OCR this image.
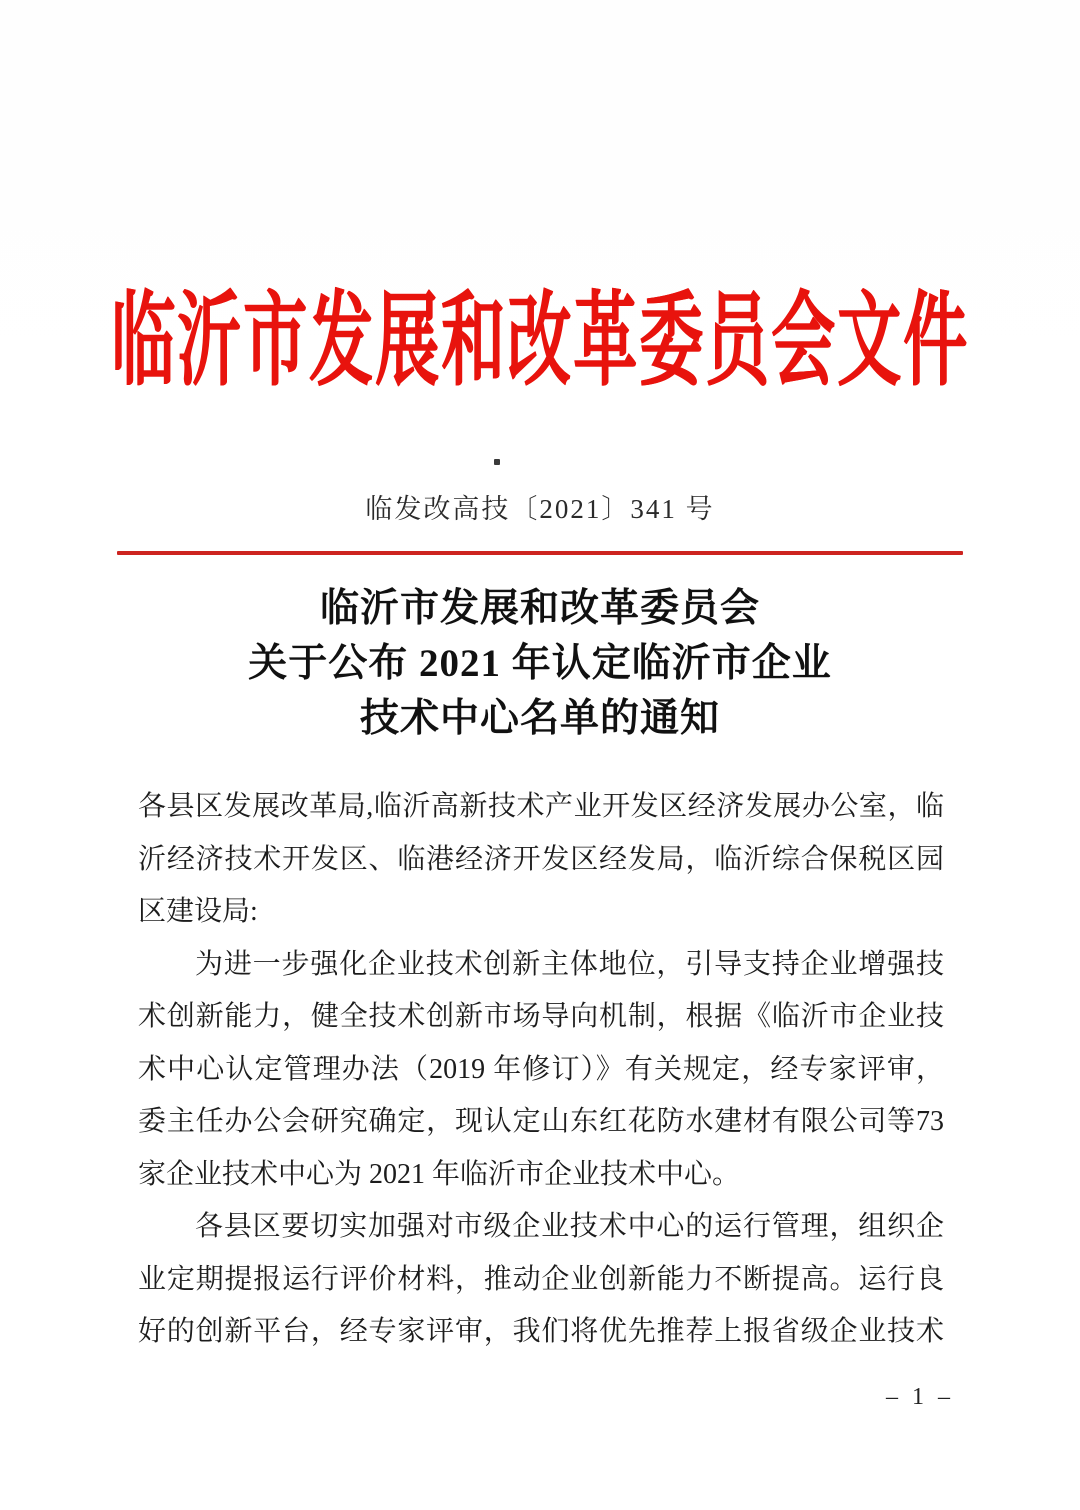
临沂市发展和改革委员会文件
临发改高技〔2021〕341 号
临沂市发展和改革委员会
关于公布 2021 年认定临沂市企业
技术中心名单的通知
各县区发展改革局,临沂高新技术产业开发区经济发展办公室，临
沂经济技术开发区、临港经济开发区经发局，临沂综合保税区园
区建设局:
为进一步强化企业技术创新主体地位，引导支持企业增强技
术创新能力，健全技术创新市场导向机制，根据《临沂市企业技
术中心认定管理办法（2019 年修订）》有关规定，经专家评审，
委主任办公会研究确定，现认定山东红花防水建材有限公司等73
家企业技术中心为 2021 年临沂市企业技术中心。
各县区要切实加强对市级企业技术中心的运行管理，组织企
业定期提报运行评价材料，推动企业创新能力不断提高。运行良
好的创新平台，经专家评审，我们将优先推荐上报省级企业技术
– 1 –
